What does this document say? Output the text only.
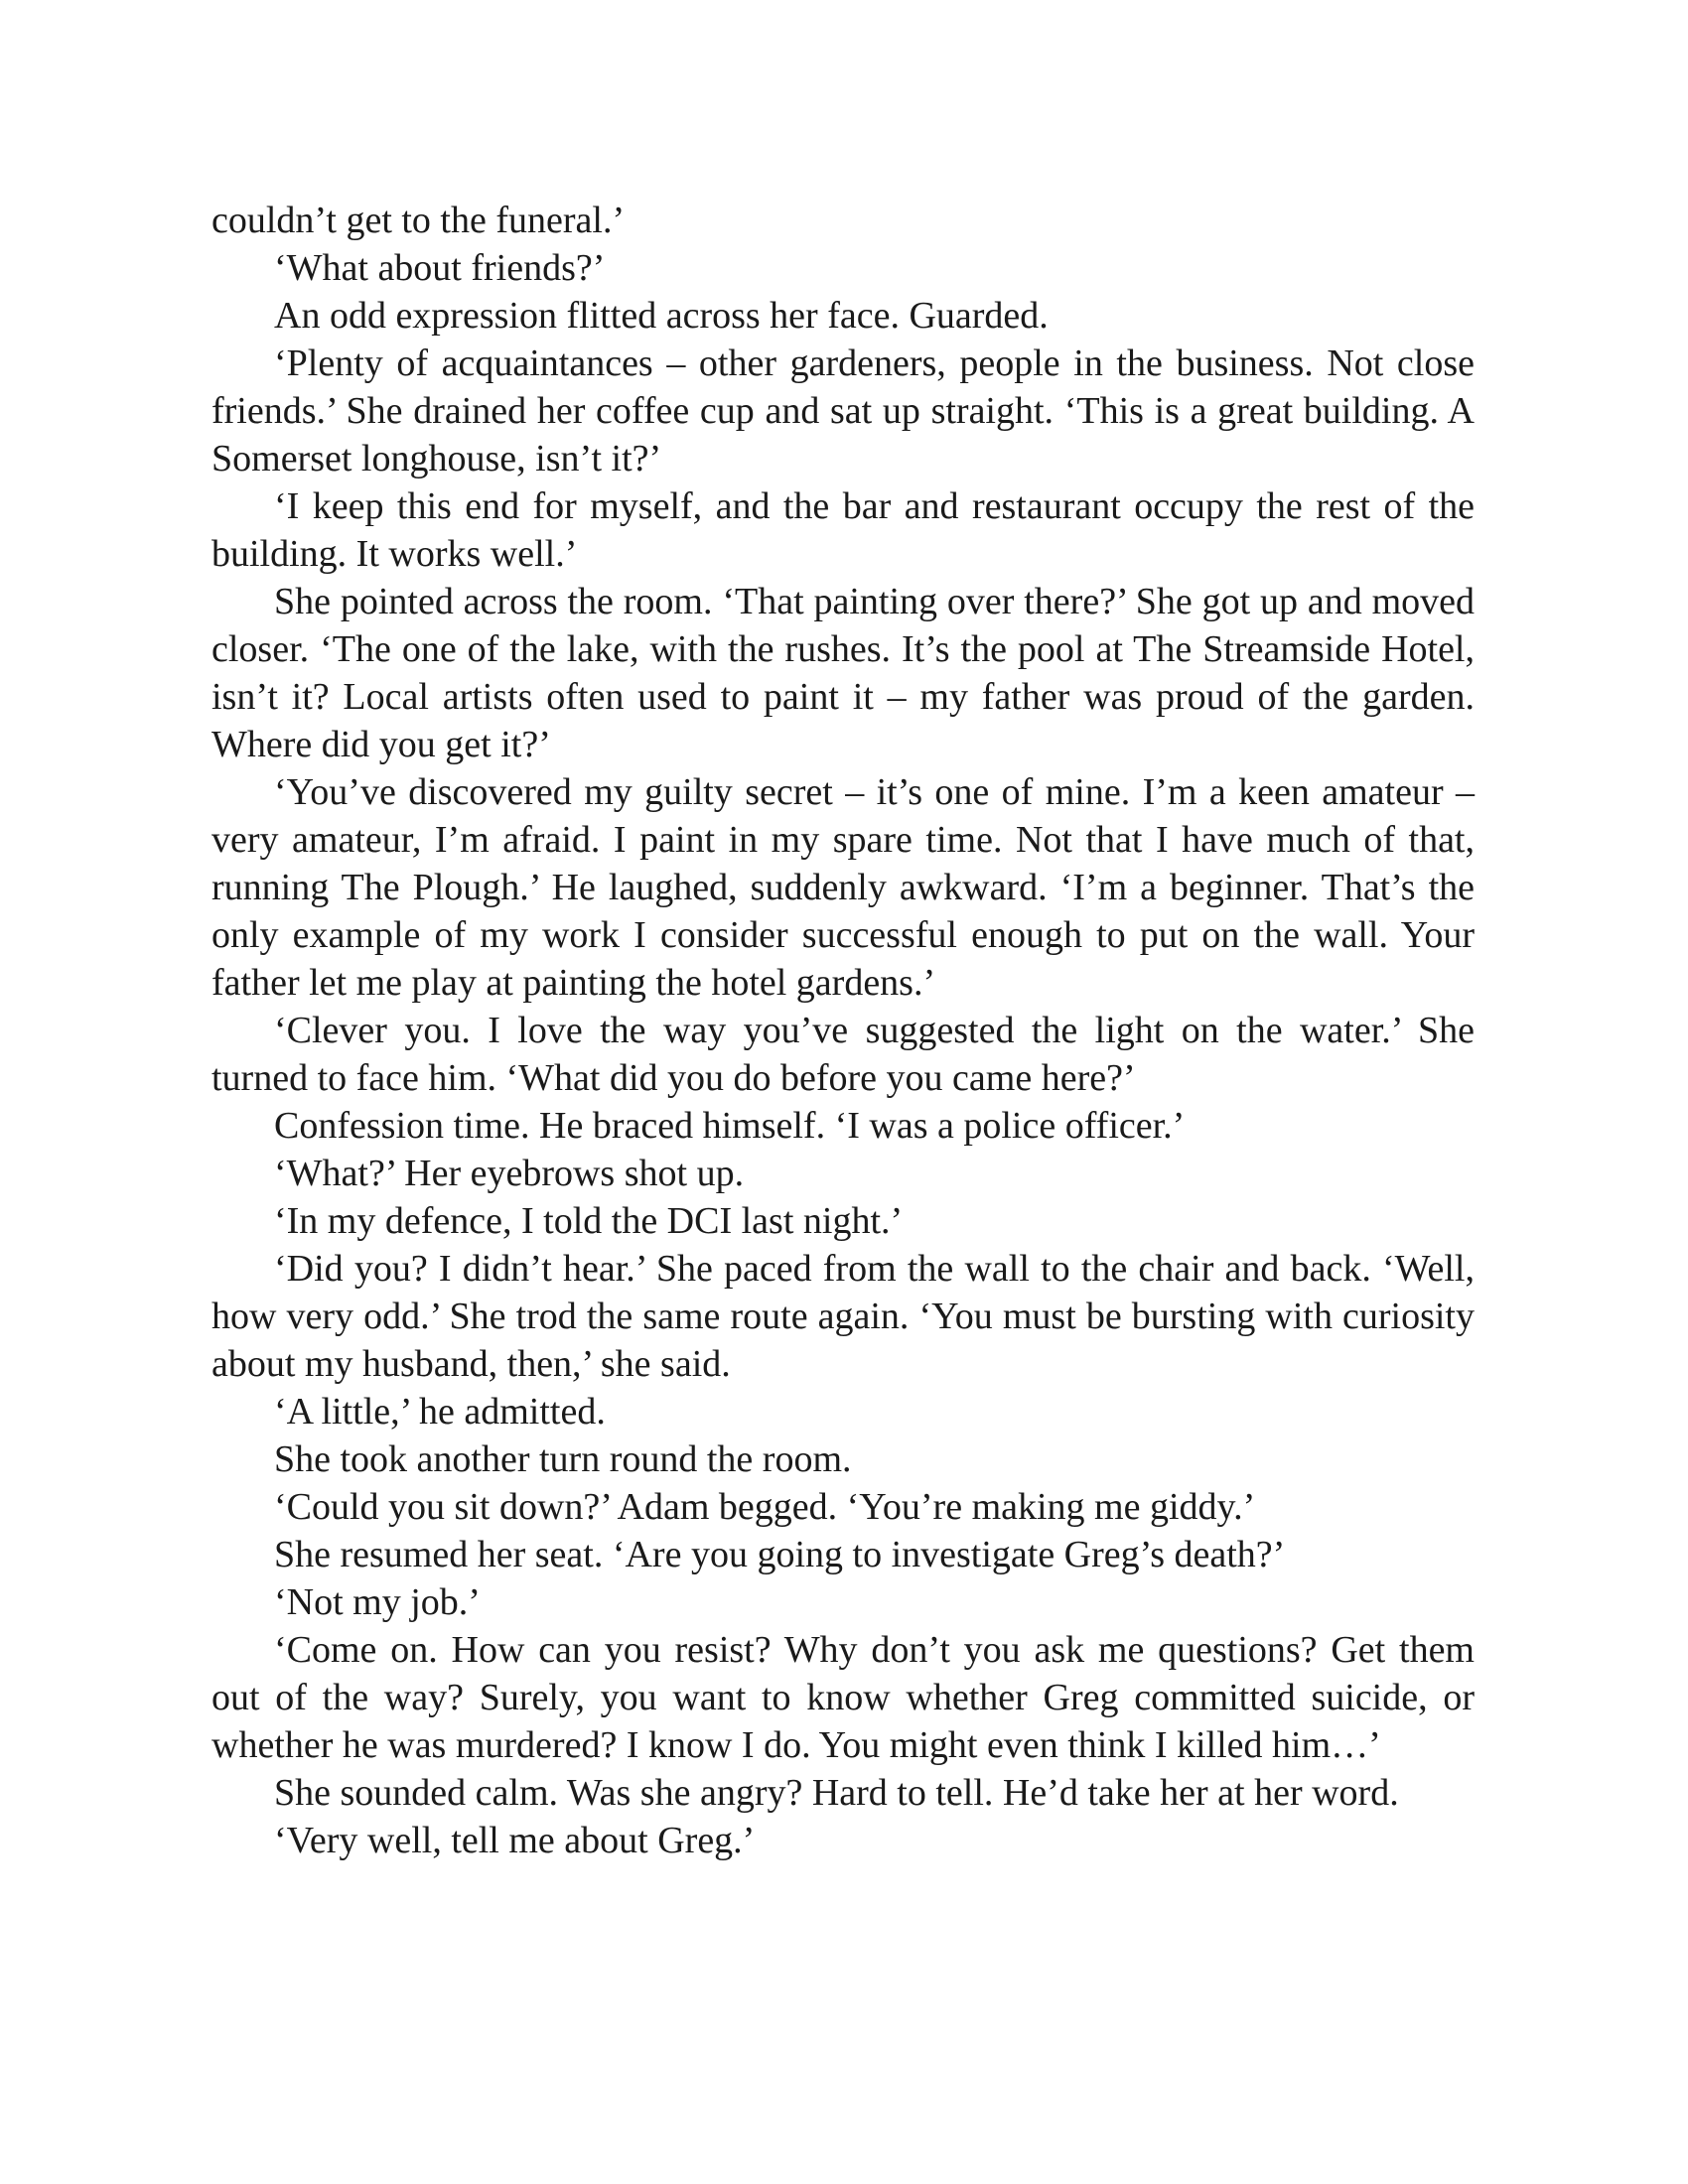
couldn’t get to the funeral.’

‘What about friends?’

An odd expression flitted across her face. Guarded.

‘Plenty of acquaintances – other gardeners, people in the business. Not close friends.’ She drained her coffee cup and sat up straight. ‘This is a great building. A Somerset longhouse, isn’t it?’

‘I keep this end for myself, and the bar and restaurant occupy the rest of the building. It works well.’

She pointed across the room. ‘That painting over there?’ She got up and moved closer. ‘The one of the lake, with the rushes. It’s the pool at The Streamside Hotel, isn’t it? Local artists often used to paint it – my father was proud of the garden. Where did you get it?’

‘You’ve discovered my guilty secret – it’s one of mine. I’m a keen amateur – very amateur, I’m afraid. I paint in my spare time. Not that I have much of that, running The Plough.’ He laughed, suddenly awkward. ‘I’m a beginner. That’s the only example of my work I consider successful enough to put on the wall. Your father let me play at painting the hotel gardens.’

‘Clever you. I love the way you’ve suggested the light on the water.’ She turned to face him. ‘What did you do before you came here?’

Confession time. He braced himself. ‘I was a police officer.’

‘What?’ Her eyebrows shot up.

‘In my defence, I told the DCI last night.’

‘Did you? I didn’t hear.’ She paced from the wall to the chair and back. ‘Well, how very odd.’ She trod the same route again. ‘You must be bursting with curiosity about my husband, then,’ she said.

‘A little,’ he admitted.

She took another turn round the room.

‘Could you sit down?’ Adam begged. ‘You’re making me giddy.’

She resumed her seat. ‘Are you going to investigate Greg’s death?’

‘Not my job.’

‘Come on. How can you resist? Why don’t you ask me questions? Get them out of the way? Surely, you want to know whether Greg committed suicide, or whether he was murdered? I know I do. You might even think I killed him…’

She sounded calm. Was she angry? Hard to tell. He’d take her at her word.

‘Very well, tell me about Greg.’
